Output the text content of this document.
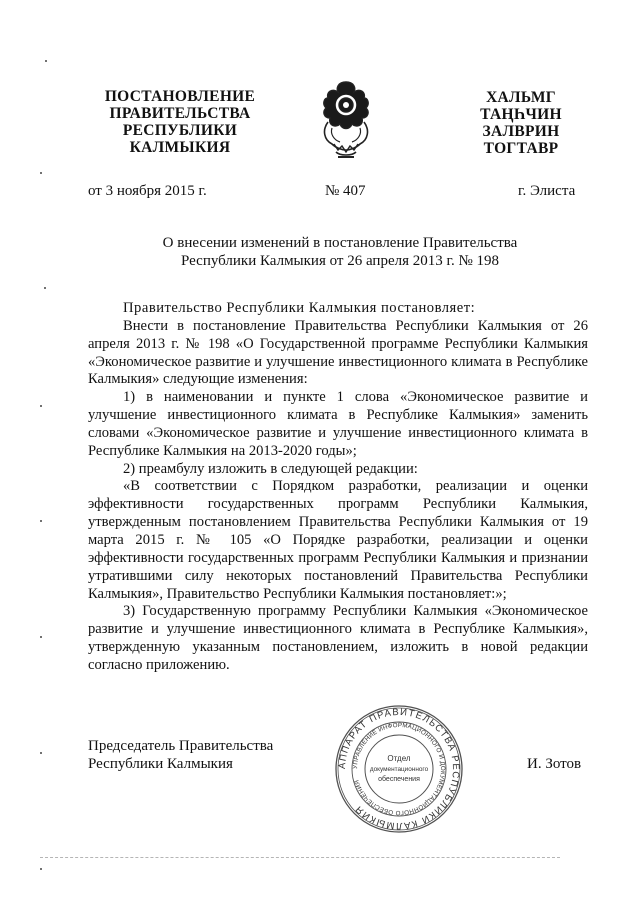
ПОСТАНОВЛЕНИЕ
ПРАВИТЕЛЬСТВА
РЕСПУБЛИКИ
КАЛМЫКИЯ
ХАЛЬМГ
ТАҢҺЧИН
ЗАЛВРИН
ТОГТАВР
от 3 ноября 2015 г.	№ 407	г. Элиста
О внесении изменений в постановление Правительства
Республики Калмыкия от 26 апреля 2013 г. № 198

Правительство Республики Калмыкия постановляет:

Внести в постановление Правительства Республики Калмыкия от 26 апреля 2013 г. № 198 «О Государственной программе Республики Калмыкия «Экономическое развитие и улучшение инвестиционного климата в Республике Калмыкия» следующие изменения:

1) в наименовании и пункте 1 слова «Экономическое развитие и улучшение инвестиционного климата в Республике Калмыкия» заменить словами «Экономическое развитие и улучшение инвестиционного климата в Республике Калмыкия на 2013-2020 годы»;

2) преамбулу изложить в следующей редакции:

«В соответствии с Порядком разработки, реализации и оценки эффективности государственных программ Республики Калмыкия, утвержденным постановлением Правительства Республики Калмыкия от 19 марта 2015 г. № 105 «О Порядке разработки, реализации и оценки эффективности государственных программ Республики Калмыкия и признании утратившими силу некоторых постановлений Правительства Республики Калмыкия», Правительство Республики Калмыкия постановляет:»;

3) Государственную программу Республики Калмыкия «Экономическое развитие и улучшение инвестиционного климата в Республике Калмыкия», утвержденную указанным постановлением, изложить в новой редакции согласно приложению.

Председатель Правительства
Республики Калмыкия	И. Зотов
АППАРАТ ПРАВИТЕЛЬСТВА РЕСПУБЛИКИ КАЛМЫКИЯ
УПРАВЛЕНИЕ ИНФОРМАЦИОННОГО И ДОКУМЕНТАЦИОННОГО ОБЕСПЕЧЕНИЯ
Отдел
документационного
обеспечения
